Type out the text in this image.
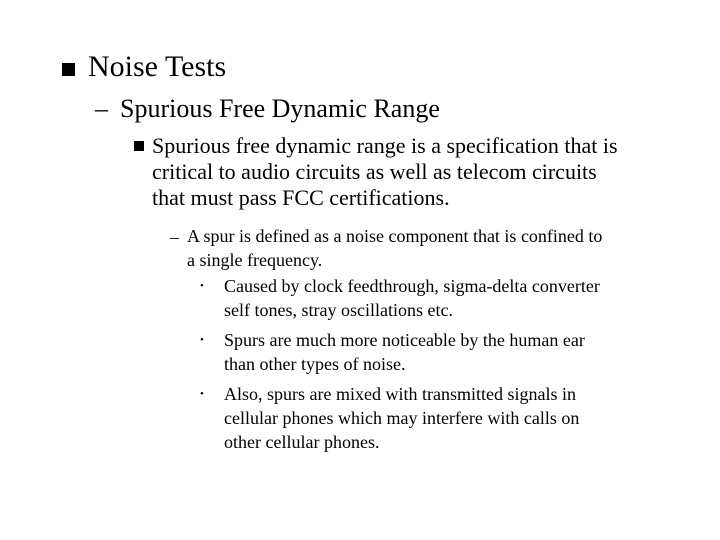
Noise Tests
– Spurious Free Dynamic Range
Spurious free dynamic range is a specification that is
critical to audio circuits as well as telecom circuits
that must pass FCC certifications.
– A spur is defined as a noise component that is confined to
a single frequency.
• Caused by clock feedthrough, sigma-delta converter
self tones, stray oscillations etc.
• Spurs are much more noticeable by the human ear
than other types of noise.
• Also, spurs are mixed with transmitted signals in
cellular phones which may interfere with calls on
other cellular phones.
